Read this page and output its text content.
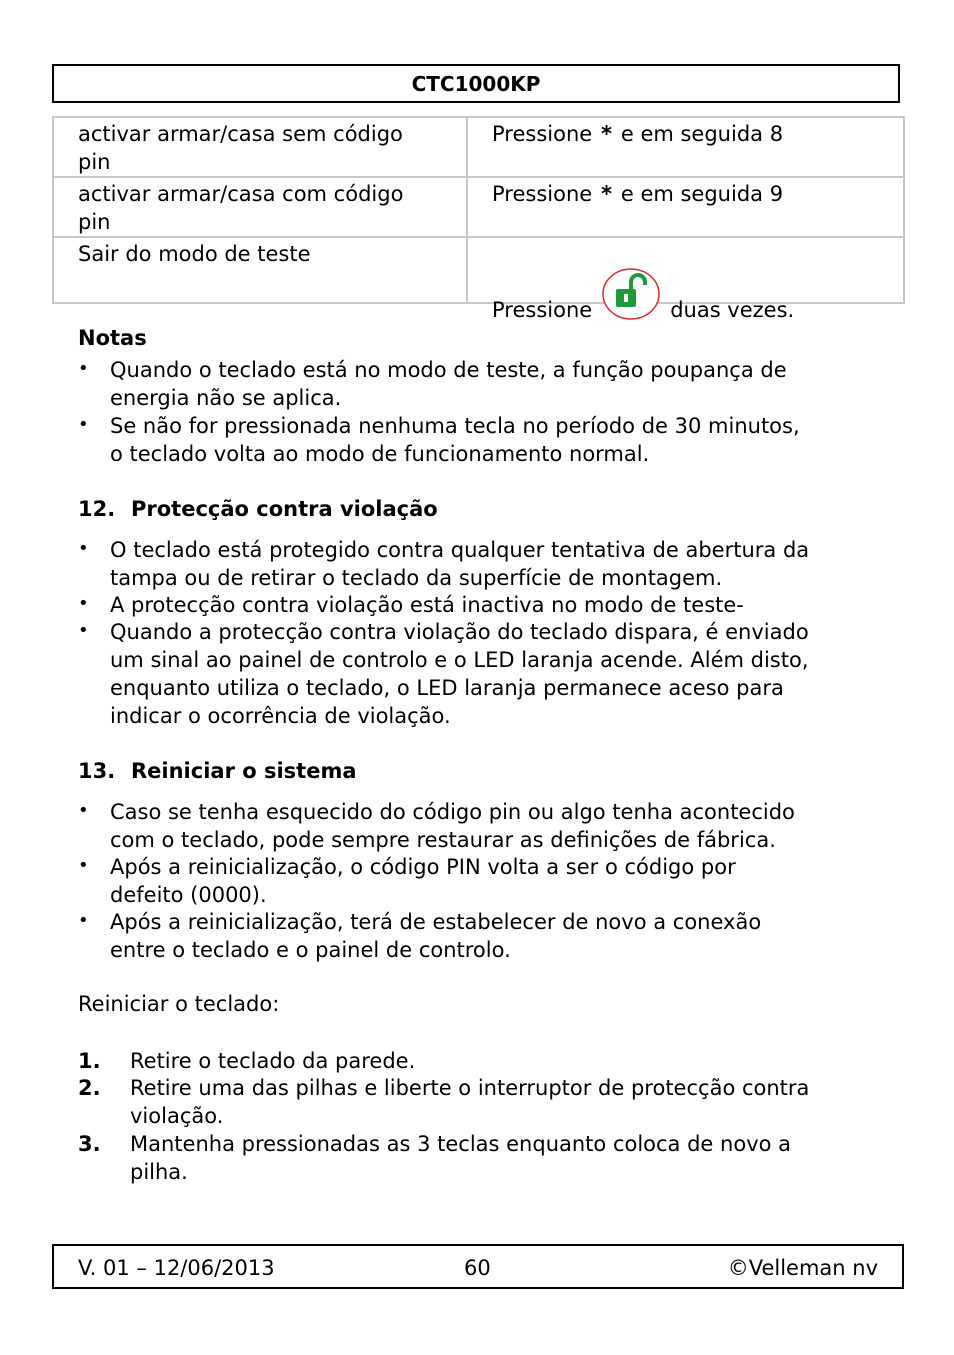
CTC1000KP
activar armar/casa sem código
pin	Pressione * e em seguida 8

activar armar/casa com código
pin	Pressione * e em seguida 9

Sair do modo de teste	Pressione duas vezes.
Notas
• Quando o teclado está no modo de teste, a função poupança de
energia não se aplica.
• Se não for pressionada nenhuma tecla no período de 30 minutos,
o teclado volta ao modo de funcionamento normal.
12. Protecção contra violação
• O teclado está protegido contra qualquer tentativa de abertura da
tampa ou de retirar o teclado da superfície de montagem.
• A protecção contra violação está inactiva no modo de teste-
• Quando a protecção contra violação do teclado dispara, é enviado
um sinal ao painel de controlo e o LED laranja acende. Além disto,
enquanto utiliza o teclado, o LED laranja permanece aceso para
indicar o ocorrência de violação.
13. Reiniciar o sistema
• Caso se tenha esquecido do código pin ou algo tenha acontecido
com o teclado, pode sempre restaurar as definições de fábrica.
• Após a reinicialização, o código PIN volta a ser o código por
defeito (0000).
• Após a reinicialização, terá de estabelecer de novo a conexão
entre o teclado e o painel de controlo.
Reiniciar o teclado:
1. Retire o teclado da parede.
2. Retire uma das pilhas e liberte o interruptor de protecção contra
violação.
3. Mantenha pressionadas as 3 teclas enquanto coloca de novo a
pilha.
V. 01 – 12/06/2013	60	©Velleman nv
